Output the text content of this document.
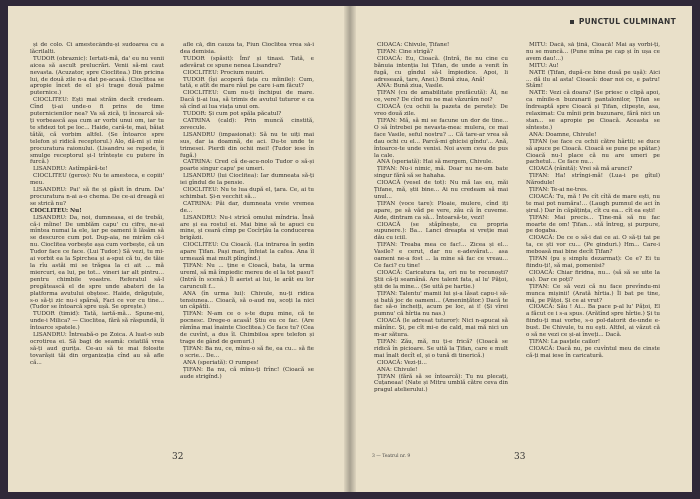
și de colo. Ci amestecându-și sudoarea cu a lăcrilalti.

TUDOR (obraznic): Iertati-mă, da' eu nu venii aicea să ascult prelucrări. Venii să-mi caut nevasta. (Acuzator, spre Cioclitea.) Din pricina lui, de două zile n-a dat pe-acasă. (Cioclitea se apropie încet de el și-i trage două palme puternice.)

CIOCLITEU: Ești mai străin decît credeam. Cînd ți-ai unde-o fi prins de time puternicienilor nea? Va să zică, ți încearcă să-ți vorbească așa cum ar vorbi unui om, iar tu te sfidezi tot pe loc... Haide, cară-te, mai, băiat tătăi, că vorbim altfel. (Se întoarce spre telefon și ridică receptorul.) Alo, dă-mi și mie procuratura raionului. (Lisandru se repede, îi smulge receptorul și-l trîntește cu putere în furcă.)

LISANDRU: Astîmpără-te!

CIOCLITEU (geros): Nu te amesteca, e copiii' meu.

LISANDRU: Pai' să fie și găsit în drum. Da' procuratura n-ai a-o chema. De ce-ai dreagă ei se strică nu?

CIOCLITEU: Nu!

LISANDRU: Da, noi, dumneasa, ei de trebăi, că-i mîine! De umblăm capu' cu cifre, ne-ai mîntea numai la ele, iar pe oameni îi lăsăm să se descurce cum pot. Dup-aia, ne mirăm că-i nu. Cioclitea vorbește așa cum vorbește, că un Tudor face ce face. (Lui Tudor.) Să vezi, tu mi-ai vorbit ea la Spirchea și a-spui că tu, de tăie la rîu astăi mi se trăgea la ci ait ... mă miercuri, ea lui, pe tot... vineri iar alt pintru... pentru chimbile voastre. Referatul să-l pregătească el de spre unde abateri de la platforma avutului obștesc. Haide, drăguțule, s-o să-ți zic nu-i spărsă, Faci ce vor cu tine... (Tudor se întoarcă spre ușă. Se oprește.)

TUDOR (timid): Tată, iartă-mă... Spune-mi, unde-i Milica? — Cioclitea, fără să răspundă, îi întoarce spatele.)

LISANDRU: Întreabă-o pe Zoica. A luat-o sub ocrotirea ei. Să bagi de seamă: ceiatilă vrea să-ți aud gurița. Ce-au să te mai folosite tovarășii tăi din organizația cînd au să afle că...

afle că, din cauza ta, Fiun Cioclitea vrea să-i dea demisia.

TUDOR (spăsit): Îmi' și tinasi. Tată, e adevărat ce spune nenea Lisandru?

CIOCLITEU: Procium nuuiri.

TUDOR (își acoperă fața cu mîinile): Cum, tată, e atît de mare răul pe care i-am făcut?

CIOCLITEU: Cum nu-ți închipui de mare. Dacă ți-ai lua, să trimis de avutul tuturor e ca să cînd ai lua viața unui om.

TUDOR: Și cum pot spăla păcatul?

CATRINA (cald): Prin muncă cinstită, zevecule.

LISANDRU (impasionat): Să nu te uiți mai sus, dar ia doamnă, de aci. Du-te unde te trimesei. Pierdi din ochii mei! (Tudor iese în fugă.)

CATRINA: Cred că de-acu-nolo Tudor o să-și poarte singur capu' pe umeri.

LISANDRU (lui Cioclitea): Iar dumneata să-ți iei gîndul de la pensie.

CIOCLITEU: Nu te lua după el, țara. Ce, ai tu schimbat. Și-n vecchit să...

CATRINA: Păi dar, dumneata vreie vremea de...

LISANDRU: Nu-i strică omului mîndria. Însă are și ea rostul ei. Mai bine să te apuci cu mine, și ceară cîmp pe Cocîrțău la conducerea brigăzii.

CIOCLITEU: Cu Cioacă. (La intrarea în ședin apare Țifan. Pași mari, înfeiat la cafea. Ana îl urmează mai mult plîngînd.)

ȚIFAN: Nu ... ține e Cioacă, bata, la urma ureml, să mă împiedic mereu de el la tot pasu'! (Intră în scenă.) Îl aerist ai lui, le arăt eu lor carunculi f...

ANA (în urma lui): Chivule, nu-ți ridica tensiunea... Cioacă, să o-aud nu, scoți la nici un căpătîi.

ȚIFAN: N-am ce o s-te dupu mine, că te pocnesc. Drege-o acasă! Știu eu ce fac. (Are rămîna mai înainte Cioclitea.) Ce face tu? (Cea de cuvînt, a dus îl. Chimbiloa spre telefon și trage de gând de gemuri.)

ȚIFAN: Ba nu, ce, mînu-o să fie, ea cu... să fie o scrie... De...

ANA (speriată): O rumpes!

ȚIFAN: Ba nu, că mînu-ți frînc! (Cioacă se aude strigînd.)

32
PUNCTUL CULMINANT

CIOACĂ: Chivule, Țifane!

ȚIFAN: Cine strigă?

CIOACĂ: Eu, Cioacă. (Intră, fie nu cine cu bănuia intenția lui Țifan, de unde a venit în fugă, cu gîndul să-l împiedice. Apoi, li adresează, tare, Anei.) Bună ziua, Ană!

ANA: Bună ziua, Vasile.

ȚIFAN (cu de amabilitate prefăcută): Ăl, ne ce, vere? De cînd nu ne mai văzurăm noi?

CIOACĂ (cu ochii la pazeta de perete): De vreo două zile.

ȚIFAN: Mă, să mi se facune un dor de tine... O să întrebei pe nevasta-mea: mulera, ce mai face Vasile, seful nostru? ... Că tare-ar vrea să dau ochi cu el... Parcă-mi ghicisi gîndu'... Ană, întoarce-te unde venisi. Noi avem ceva de pus la cale.

ANA (speriată): Hai să mergem, Chivule.

ȚIFAN: Nu-i nimic, mă. Doar nu ne-om bate singur fără să se hahaha.

CIOACĂ (vesel de tot): Nu mă las eu, măi Țifane, mă, știi bine... Ai nu credeam să mai unul...

ȚIFAN (voce tare): Ploaie, mulere, cînd iți apare, pe să văd pe vere, zău că în cuveme. Aide, dintram ca să... Întoarsă-te, vezi!

CIOACĂ (se stăpînește, cu propria supunere.): Ba... Lanci dreapta si vreție mai dău cu iciil.

ȚIFAN: Treaba mea ce fac!... Zicea și el... Vasile? e cerut, dar nu e-adevărat... asa oameni ne-a fost ... la mine să fac ce vreau... Ce faci? cu tine!

CIOACĂ: Caricatura ta, ori nu te recunoști? Știi că-ți seamănă. Are talent fata, al lu' Pățoi, știi de la mine... (Se uită pe hartie.)

ȚIFAN: Talentu' mamii lui și-a lăsat capu-i să-și bată joc de oameni... (Amenințător.) Dacă te fac să-o încheiți, acum pe loc, ai i! (Și vîrei pumnu' că hîrtia nu nas.)

CIOACĂ (le adresat tuturor): Nici n-apucai să mănînc. Și, pe cît mi-e de cald, mai mă nici un m-ar sătura.

ȚIFAN: Zău, mă, nu ți-e frică? (Cioacă se ridică în picioare. Se uită la Țifan, care e mult mai înalt decît el, și o tună di tinerică.)

CIOACĂ: Vezi-ți...

ANA: Chivule!

ȚIFAN (fără să se întoarcă): Tu nu plecați, Cuțaneaa! (Nate și Mitru umblă către ceva din pragul atelierului.)

MITU: Dacă, să țină, Cioacă! Mai aș vorbi-ți, nu se muncă... (Pune mîna pe cap și în ușa ce avem dau!...)

MITU: Au!

NATE (Țifan, după-ce bine dusă pe ușă): Aici ... dă ilu al asta! Cioacă: doar noi ce, e patru! Stăm!

NATE: Vezi că doara? (Se priesc o clipă apoi, ca mînile-n buzunarii pantalonilor, Țifan se îndreaptă spre Cioacă și Țifan, clipește, asa, relaximat: Cu mînii prin buzunare, fără nici un stan... se apropie pe Cioacă. Aceasta se sînteste.)

ANA: Doamne, Chivule!

ȚIFAN (se face cu ochii către hârtii; se duce să apuce pe Cioacă. Cioacă se pune pe spătar.) Cioacă nu-l place că nu are umeri pe pachetul... Ce face nu...

CIOACĂ (rănită): Vrei să mă arunci?

ȚIFAN: Ha! strîngi-mă! (Lua-i pe gîtul) Nărodule!

ȚIFAN: Te-ai ne-tres.

CIOACĂ: Tu, mă ! Pe cît cîtă de mare ești, nu te mai pot număra!... (Laugh pumnul de aci în șirul.) Dar în căpățința, cît cu ea... cît ea ești!

ȚIFAN: Mai precis... Ține-mă să nu fac moarte de om! Țifan... stă întreg, și purpure, pe dogaba.

CIOACĂ: De ce o să-i dai ce ai. O să-ți tai pe ta, ce ști vor cu... (Pe ginduri.) Hm... Care-i meboasă mai bine decît Țifan?

ȚIFAN (pu ș simplu dezarmat): Ce e? Ei tu fiindu-ți!, să mai, pomenisi?

CIOACĂ: Chiar firidna, nu... (să să se uite la ea). Dar ce poți?

ȚIFAN: Ce să vezi că nu face prevîndu-mi munca mișinii! (Arată hîrtia.) Îl bat pe tine, mă, pe Pățoi. Și ce ai vrut?

CIOACĂ: Său ! Ai... Ba pace p-al lu' Pățoi, El a făcut ce i s-a spus. (Arătînd spre hîrtie.) Și tu fiindu-ți mai vorbe, s-o pol-datorit de-unde e-bust. De Chivule, tu nu ești. Altfel, ai văzut că o să ne vezi ce și-ai înveți... Dacă.

ȚIFAN: La pasțele cailor!

CIOACĂ: Dacă nu, pe cuvîntul meu de cinste că-ți mai iese în caricatură.

3 — Teatrul nr. 9	33
